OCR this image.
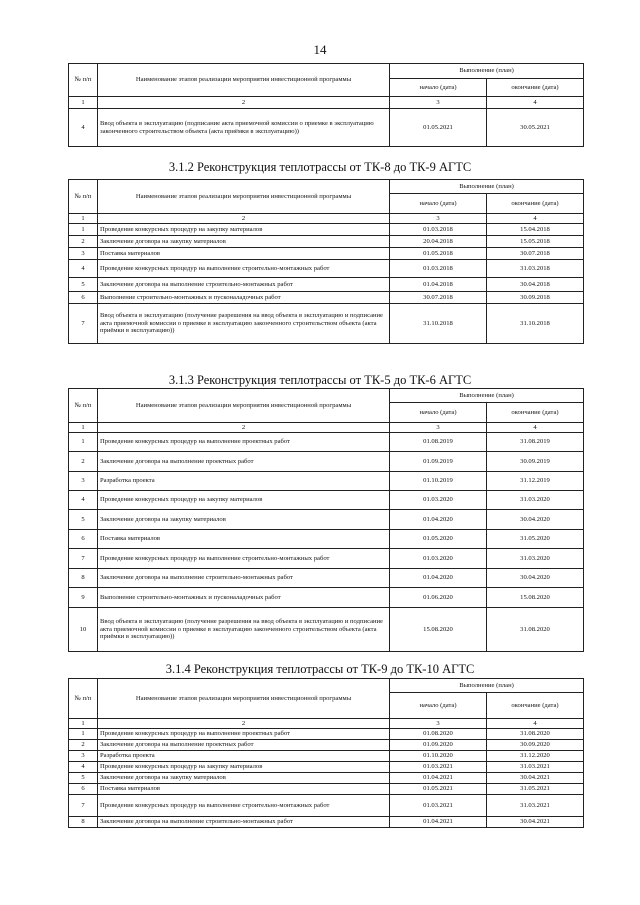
14
№ п/п	Наименование этапов реализации мероприятия инвестиционной программы	Выполнение (план)	
		начало (дата)	окончание (дата)
1	2	3	4
4	Ввод объекта в эксплуатацию (подписание акта приемочной комиссии о приемке в эксплуатацию законченного строительством объекта (акта приёмки в эксплуатацию))	01.05.2021	30.05.2021
3.1.2 Реконструкция теплотрассы от ТК-8 до ТК-9 АГТС
№ п/п	Наименование этапов реализации мероприятия инвестиционной программы	Выполнение (план)	
		начало (дата)	окончание (дата)
1	2	3	4
1	Проведение конкурсных процедур на закупку материалов	01.03.2018	15.04.2018
2	Заключение договора на закупку материалов	20.04.2018	15.05.2018
3	Поставка материалов	01.05.2018	30.07.2018
4	Проведение конкурсных процедур на выполнение строительно-монтажных работ	01.03.2018	31.03.2018
5	Заключение договора на выполнение строительно-монтажных работ	01.04.2018	30.04.2018
6	Выполнение строительно-монтажных и пусконаладочных работ	30.07.2018	30.09.2018
7	Ввод объекта в эксплуатацию (получение разрешения на ввод объекта в эксплуатацию и подписание акта приемочной комиссии о приемке в эксплуатацию законченного строительством объекта (акта приёмки в эксплуатацию))	31.10.2018	31.10.2018
3.1.3 Реконструкция теплотрассы от ТК-5 до ТК-6 АГТС
№ п/п	Наименование этапов реализации мероприятия инвестиционной программы	Выполнение (план)	
		начало (дата)	окончание (дата)
1	2	3	4
1	Проведение конкурсных процедур на выполнение проектных работ	01.08.2019	31.08.2019
2	Заключение договора на выполнение проектных работ	01.09.2019	30.09.2019
3	Разработка проекта	01.10.2019	31.12.2019
4	Проведение конкурсных процедур на закупку материалов	01.03.2020	31.03.2020
5	Заключение договора на закупку материалов	01.04.2020	30.04.2020
6	Поставка материалов	01.05.2020	31.05.2020
7	Проведение конкурсных процедур на выполнение строительно-монтажных работ	01.03.2020	31.03.2020
8	Заключение договора на выполнение строительно-монтажных работ	01.04.2020	30.04.2020
9	Выполнение строительно-монтажных и пусконаладочных работ	01.06.2020	15.08.2020
10	Ввод объекта в эксплуатацию (получение разрешения на ввод объекта в эксплуатацию и подписание акта приемочной комиссии о приемке в эксплуатацию законченного строительством объекта (акта приёмки в эксплуатацию))	15.08.2020	31.08.2020
3.1.4 Реконструкция теплотрассы от ТК-9 до ТК-10 АГТС
№ п/п	Наименование этапов реализации мероприятия инвестиционной программы	Выполнение (план)	
		начало (дата)	окончание (дата)
1	2	3	4
1	Проведение конкурсных процедур на выполнение проектных работ	01.08.2020	31.08.2020
2	Заключение договора на выполнение проектных работ	01.09.2020	30.09.2020
3	Разработка проекта	01.10.2020	31.12.2020
4	Проведение конкурсных процедур на закупку материалов	01.03.2021	31.03.2021
5	Заключение договора на закупку материалов	01.04.2021	30.04.2021
6	Поставка материалов	01.05.2021	31.05.2021
7	Проведение конкурсных процедур на выполнение строительно-монтажных работ	01.03.2021	31.03.2021
8	Заключение договора на выполнение строительно-монтажных работ	01.04.2021	30.04.2021
